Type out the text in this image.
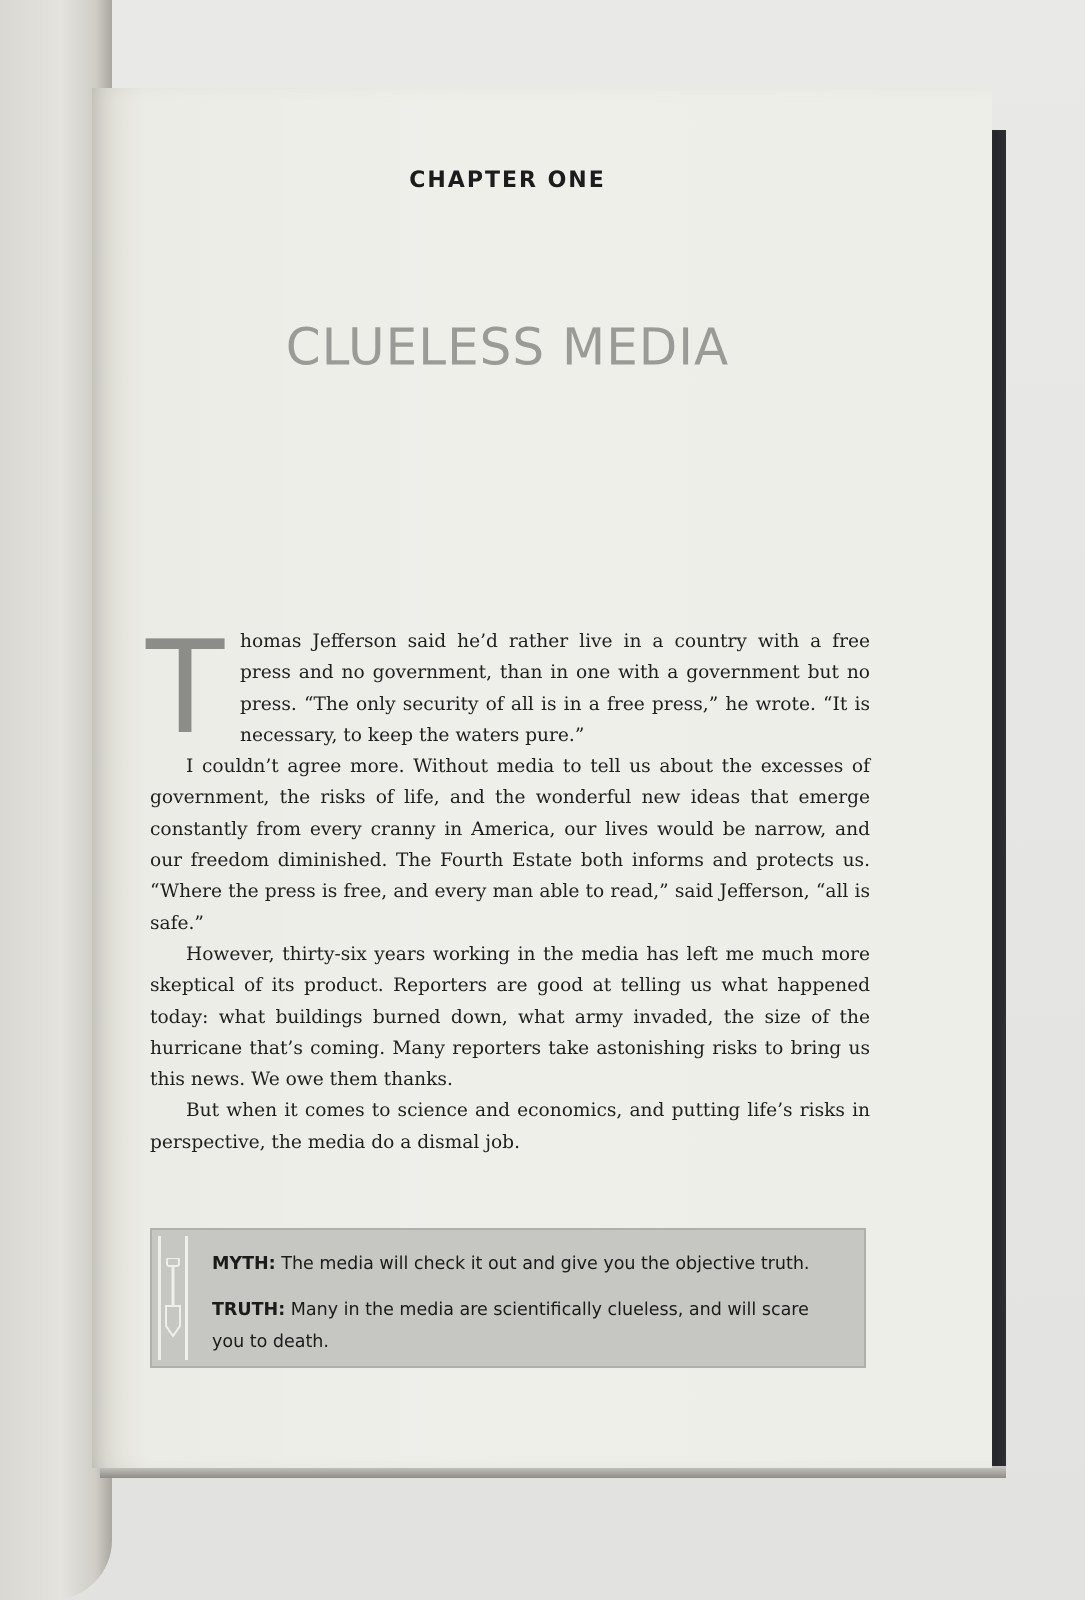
CHAPTER ONE
CLUELESS MEDIA
T homas Jefferson said he’d rather live in a country with a free press and no government, than in one with a government but no press. “The only security of all is in a free press,” he wrote. “It is necessary, to keep the waters pure.”

I couldn’t agree more. Without media to tell us about the excesses of government, the risks of life, and the wonderful new ideas that emerge constantly from every cranny in America, our lives would be narrow, and our freedom diminished. The Fourth Estate both informs and protects us. “Where the press is free, and every man able to read,” said Jefferson, “all is safe.”

However, thirty-six years working in the media has left me much more skeptical of its product. Reporters are good at telling us what happened today: what buildings burned down, what army invaded, the size of the hurricane that’s coming. Many reporters take astonishing risks to bring us this news. We owe them thanks.

But when it comes to science and economics, and putting life’s risks in perspective, the media do a dismal job.

MYTH: The media will check it out and give you the objective truth.
TRUTH: Many in the media are scientifically clueless, and will scare you to death.
